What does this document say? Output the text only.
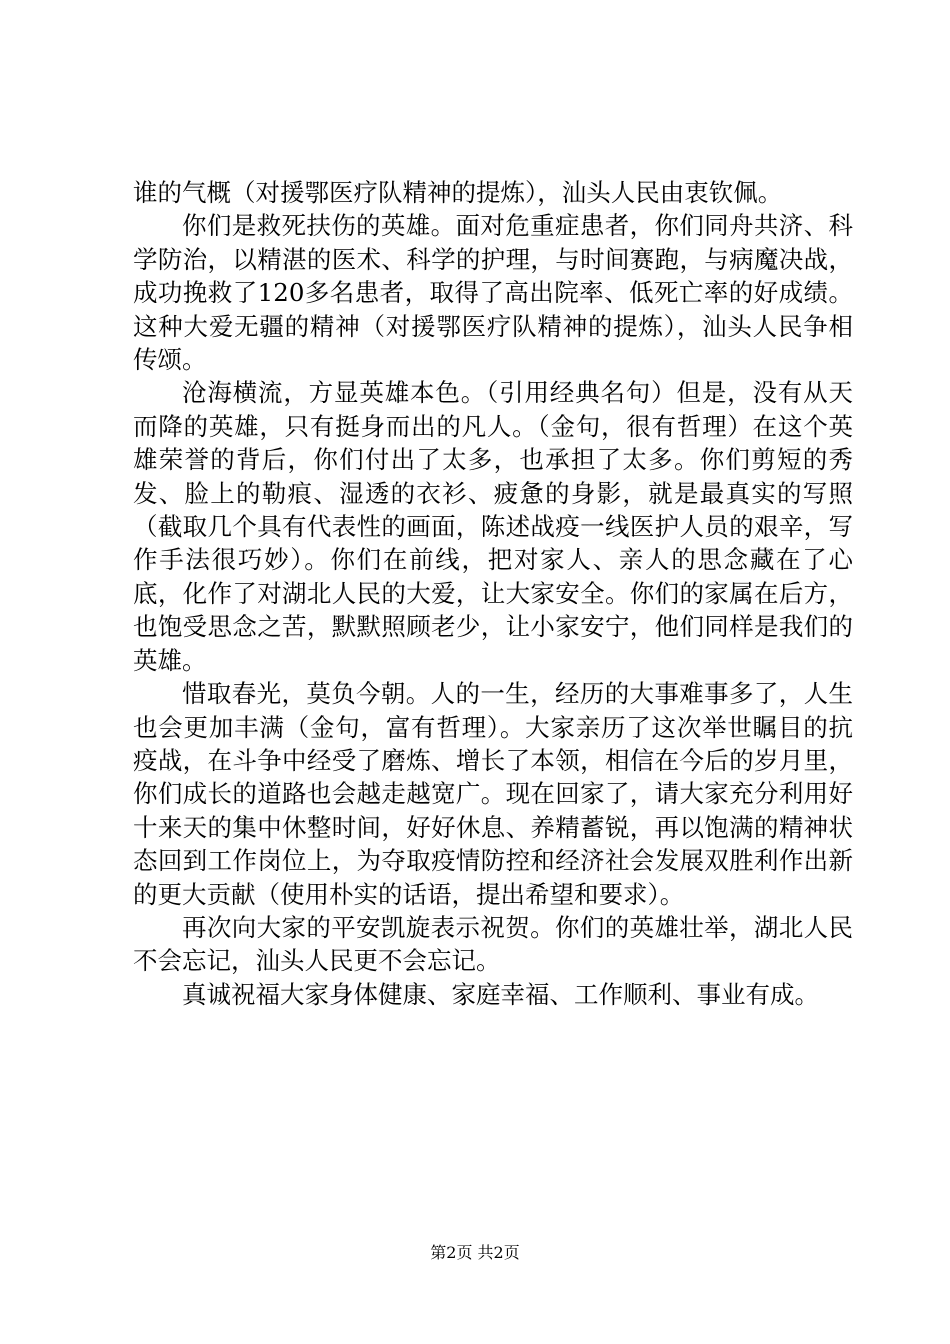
谁的气概（对援鄂医疗队精神的提炼），汕头人民由衷钦佩。

你们是救死扶伤的英雄。面对危重症患者，你们同舟共济、科学防治，以精湛的医术、科学的护理，与时间赛跑，与病魔决战，成功挽救了120多名患者，取得了高出院率、低死亡率的好成绩。这种大爱无疆的精神（对援鄂医疗队精神的提炼），汕头人民争相传颂。

沧海横流，方显英雄本色。（引用经典名句）但是，没有从天而降的英雄，只有挺身而出的凡人。（金句，很有哲理）在这个英雄荣誉的背后，你们付出了太多，也承担了太多。你们剪短的秀发、脸上的勒痕、湿透的衣衫、疲惫的身影，就是最真实的写照（截取几个具有代表性的画面，陈述战疫一线医护人员的艰辛，写作手法很巧妙）。你们在前线，把对家人、亲人的思念藏在了心底，化作了对湖北人民的大爱，让大家安全。你们的家属在后方，也饱受思念之苦，默默照顾老少，让小家安宁，他们同样是我们的英雄。

惜取春光，莫负今朝。人的一生，经历的大事难事多了，人生也会更加丰满（金句，富有哲理）。大家亲历了这次举世瞩目的抗疫战，在斗争中经受了磨炼、增长了本领，相信在今后的岁月里，你们成长的道路也会越走越宽广。现在回家了，请大家充分利用好十来天的集中休整时间，好好休息、养精蓄锐，再以饱满的精神状态回到工作岗位上，为夺取疫情防控和经济社会发展双胜利作出新的更大贡献（使用朴实的话语，提出希望和要求）。

再次向大家的平安凯旋表示祝贺。你们的英雄壮举，湖北人民不会忘记，汕头人民更不会忘记。

真诚祝福大家身体健康、家庭幸福、工作顺利、事业有成。

第2页 共2页
